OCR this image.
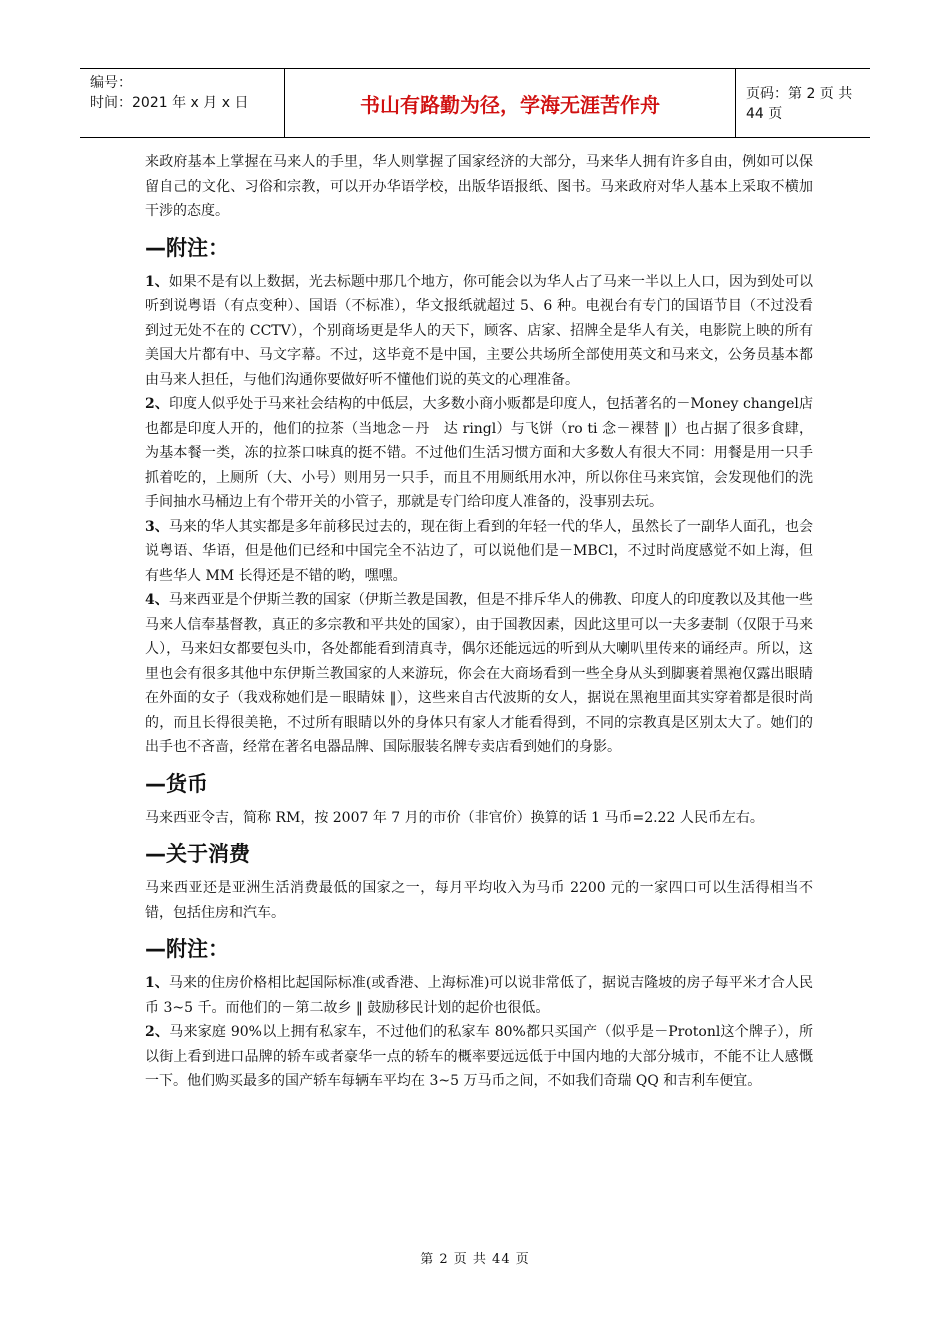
编号：
时间：2021 年 x 月 x 日	书山有路勤为径，学海无涯苦作舟	页码：第 2 页 共 44 页

来政府基本上掌握在马来人的手里，华人则掌握了国家经济的大部分，马来华人拥有许多自由，例如可以保留自己的文化、习俗和宗教，可以开办华语学校，出版华语报纸、图书。马来政府对华人基本上采取不横加干涉的态度。

—附注：

1、如果不是有以上数据，光去标题中那几个地方，你可能会以为华人占了马来一半以上人口，因为到处可以听到说粤语（有点变种）、国语（不标准），华文报纸就超过 5、6 种。电视台有专门的国语节目（不过没看到过无处不在的 CCTV），个别商场更是华人的天下，顾客、店家、招牌全是华人有关，电影院上映的所有美国大片都有中、马文字幕。不过，这毕竟不是中国，主要公共场所全部使用英文和马来文，公务员基本都由马来人担任，与他们沟通你要做好听不懂他们说的英文的心理准备。

2、印度人似乎处于马来社会结构的中低层，大多数小商小贩都是印度人，包括著名的－Money changel店也都是印度人开的，他们的拉茶（当地念－丹　达 ringl）与飞饼（ro ti 念－裸替 ‖）也占据了很多食肆，为基本餐一类，冻的拉茶口味真的挺不错。不过他们生活习惯方面和大多数人有很大不同：用餐是用一只手抓着吃的，上厕所（大、小号）则用另一只手，而且不用厕纸用水冲，所以你住马来宾馆，会发现他们的洗手间抽水马桶边上有个带开关的小管子，那就是专门给印度人准备的，没事别去玩。

3、马来的华人其实都是多年前移民过去的，现在街上看到的年轻一代的华人，虽然长了一副华人面孔，也会说粤语、华语，但是他们已经和中国完全不沾边了，可以说他们是－MBCl，不过时尚度感觉不如上海，但有些华人 MM 长得还是不错的哟，嘿嘿。

4、马来西亚是个伊斯兰教的国家（伊斯兰教是国教，但是不排斥华人的佛教、印度人的印度教以及其他一些马来人信奉基督教，真正的多宗教和平共处的国家），由于国教因素，因此这里可以一夫多妻制（仅限于马来人），马来妇女都要包头巾，各处都能看到清真寺，偶尔还能远远的听到从大喇叭里传来的诵经声。所以，这里也会有很多其他中东伊斯兰教国家的人来游玩，你会在大商场看到一些全身从头到脚裹着黑袍仅露出眼睛在外面的女子（我戏称她们是－眼睛妹 ‖），这些来自古代波斯的女人，据说在黑袍里面其实穿着都是很时尚的，而且长得很美艳，不过所有眼睛以外的身体只有家人才能看得到，不同的宗教真是区别太大了。她们的出手也不吝啬，经常在著名电器品牌、国际服装名牌专卖店看到她们的身影。

—货币

马来西亚令吉，简称 RM，按 2007 年 7 月的市价（非官价）换算的话 1 马币=2.22 人民币左右。

—关于消费

马来西亚还是亚洲生活消费最低的国家之一，每月平均收入为马币 2200 元的一家四口可以生活得相当不错，包括住房和汽车。

—附注：

1、马来的住房价格相比起国际标准(或香港、上海标准)可以说非常低了，据说吉隆坡的房子每平米才合人民币 3~5 千。而他们的－第二故乡 ‖ 鼓励移民计划的起价也很低。

2、马来家庭 90%以上拥有私家车，不过他们的私家车 80%都只买国产（似乎是－Protonl这个牌子），所以街上看到进口品牌的轿车或者豪华一点的轿车的概率要远远低于中国内地的大部分城市，不能不让人感慨一下。他们购买最多的国产轿车每辆车平均在 3~5 万马币之间，不如我们奇瑞 QQ 和吉利车便宜。

第 2 页 共 44 页
